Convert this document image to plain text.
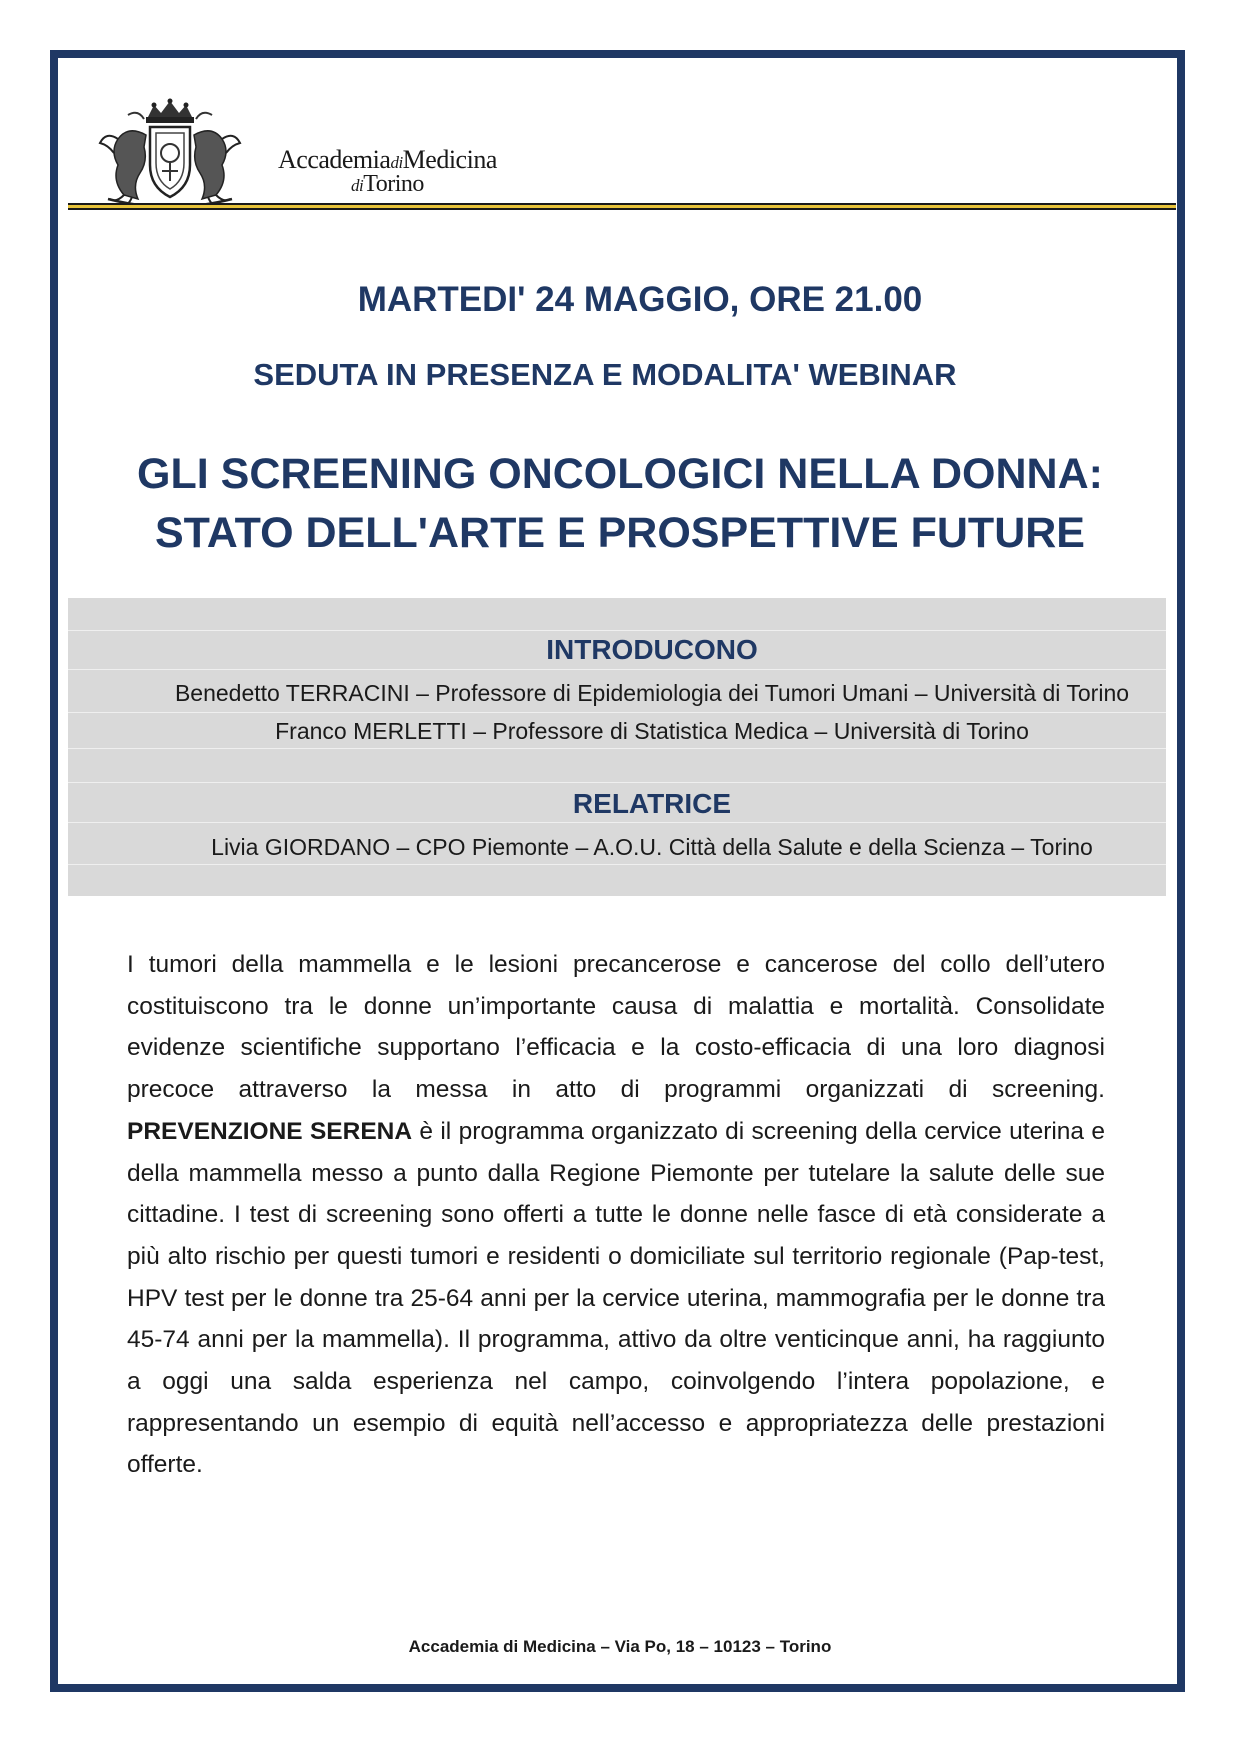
AccademiadiMedicina
diTorino
MARTEDI' 24 MAGGIO, ORE 21.00
SEDUTA IN PRESENZA E MODALITA' WEBINAR
GLI SCREENING ONCOLOGICI NELLA DONNA:
STATO DELL'ARTE E PROSPETTIVE FUTURE
INTRODUCONO
Benedetto TERRACINI – Professore di Epidemiologia dei Tumori Umani – Università di Torino
Franco MERLETTI – Professore di Statistica Medica – Università di Torino
RELATRICE
Livia GIORDANO – CPO Piemonte – A.O.U. Città della Salute e della Scienza – Torino
I tumori della mammella e le lesioni precancerose e cancerose del collo dell’utero costituiscono tra le donne un’importante causa di malattia e mortalità. Consolidate evidenze scientifiche supportano l’efficacia e la costo-efficacia di una loro diagnosi precoce attraverso la messa in atto di programmi organizzati di screening. PREVENZIONE SERENA è il programma organizzato di screening della cervice uterina e della mammella messo a punto dalla Regione Piemonte per tutelare la salute delle sue cittadine. I test di screening sono offerti a tutte le donne nelle fasce di età considerate a più alto rischio per questi tumori e residenti o domiciliate sul territorio regionale (Pap-test, HPV test per le donne tra 25-64 anni per la cervice uterina, mammografia per le donne tra 45-74 anni per la mammella). Il programma, attivo da oltre venticinque anni, ha raggiunto a oggi una salda esperienza nel campo, coinvolgendo l’intera popolazione, e rappresentando un esempio di equità nell’accesso e appropriatezza delle prestazioni offerte.
Accademia di Medicina – Via Po, 18 – 10123 – Torino
